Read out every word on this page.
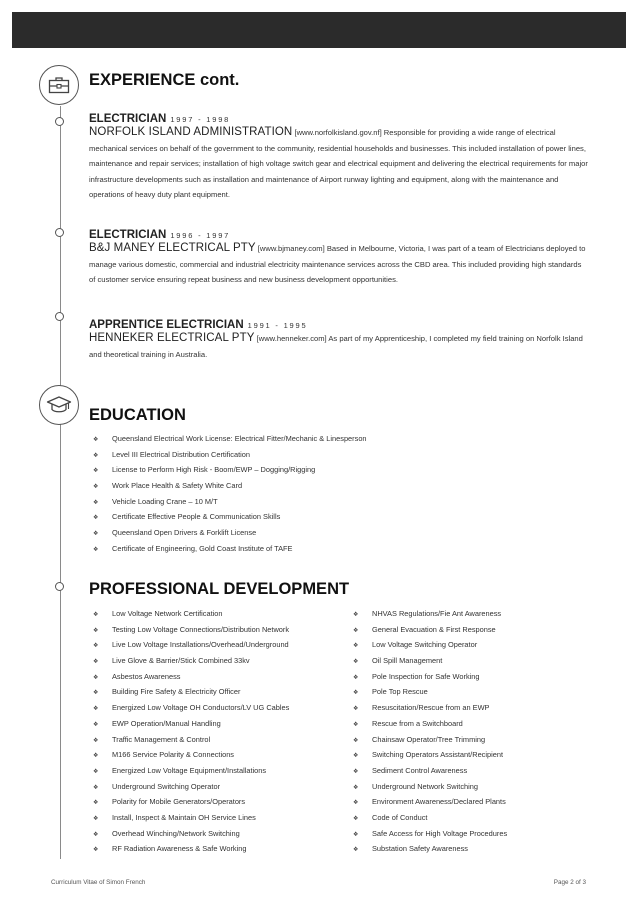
EXPERIENCE cont.
ELECTRICIAN 1997 - 1998
NORFOLK ISLAND ADMINISTRATION [www.norfolkisland.gov.nf] Responsible for providing a wide range of electrical mechanical services on behalf of the government to the community, residential households and businesses. This included installation of power lines, maintenance and repair services; installation of high voltage switch gear and electrical equipment and delivering the electrical requirements for major infrastructure developments such as installation and maintenance of Airport runway lighting and equipment, along with the maintenance and operations of heavy duty plant equipment.
ELECTRICIAN 1996 - 1997
B&J MANEY ELECTRICAL PTY [www.bjmaney.com] Based in Melbourne, Victoria, I was part of a team of Electricians deployed to manage various domestic, commercial and industrial electricity maintenance services across the CBD area. This included providing high standards of customer service ensuring repeat business and new business development opportunities.
APPRENTICE ELECTRICIAN 1991 - 1995
HENNEKER ELECTRICAL PTY [www.henneker.com] As part of my Apprenticeship, I completed my field training on Norfolk Island and theoretical training in Australia.
EDUCATION
❖ Queensland Electrical Work License: Electrical Fitter/Mechanic & Linesperson
❖ Level III Electrical Distribution Certification
❖ License to Perform High Risk - Boom/EWP – Dogging/Rigging
❖ Work Place Health & Safety White Card
❖ Vehicle Loading Crane – 10 M/T
❖ Certificate Effective People & Communication Skills
❖ Queensland Open Drivers & Forklift License
❖ Certificate of Engineering, Gold Coast Institute of TAFE
PROFESSIONAL DEVELOPMENT
❖ Low Voltage Network Certification
❖ Testing Low Voltage Connections/Distribution Network
❖ Live Low Voltage Installations/Overhead/Underground
❖ Live Glove & Barrier/Stick Combined 33kv
❖ Asbestos Awareness
❖ Building Fire Safety & Electricity Officer
❖ Energized Low Voltage OH Conductors/LV UG Cables
❖ EWP Operation/Manual Handling
❖ Traffic Management & Control
❖ M166 Service Polarity & Connections
❖ Energized Low Voltage Equipment/Installations
❖ Underground Switching Operator
❖ Polarity for Mobile Generators/Operators
❖ Install, Inspect & Maintain OH Service Lines
❖ Overhead Winching/Network Switching
❖ RF Radiation Awareness & Safe Working
❖ NHVAS Regulations/Fie Ant Awareness
❖ General Evacuation & First Response
❖ Low Voltage Switching Operator
❖ Oil Spill Management
❖ Pole Inspection for Safe Working
❖ Pole Top Rescue
❖ Resuscitation/Rescue from an EWP
❖ Rescue from a Switchboard
❖ Chainsaw Operator/Tree Trimming
❖ Switching Operators Assistant/Recipient
❖ Sediment Control Awareness
❖ Underground Network Switching
❖ Environment Awareness/Declared Plants
❖ Code of Conduct
❖ Safe Access for High Voltage Procedures
❖ Substation Safety Awareness
Curriculum Vitae of Simon French	Page 2 of 3
